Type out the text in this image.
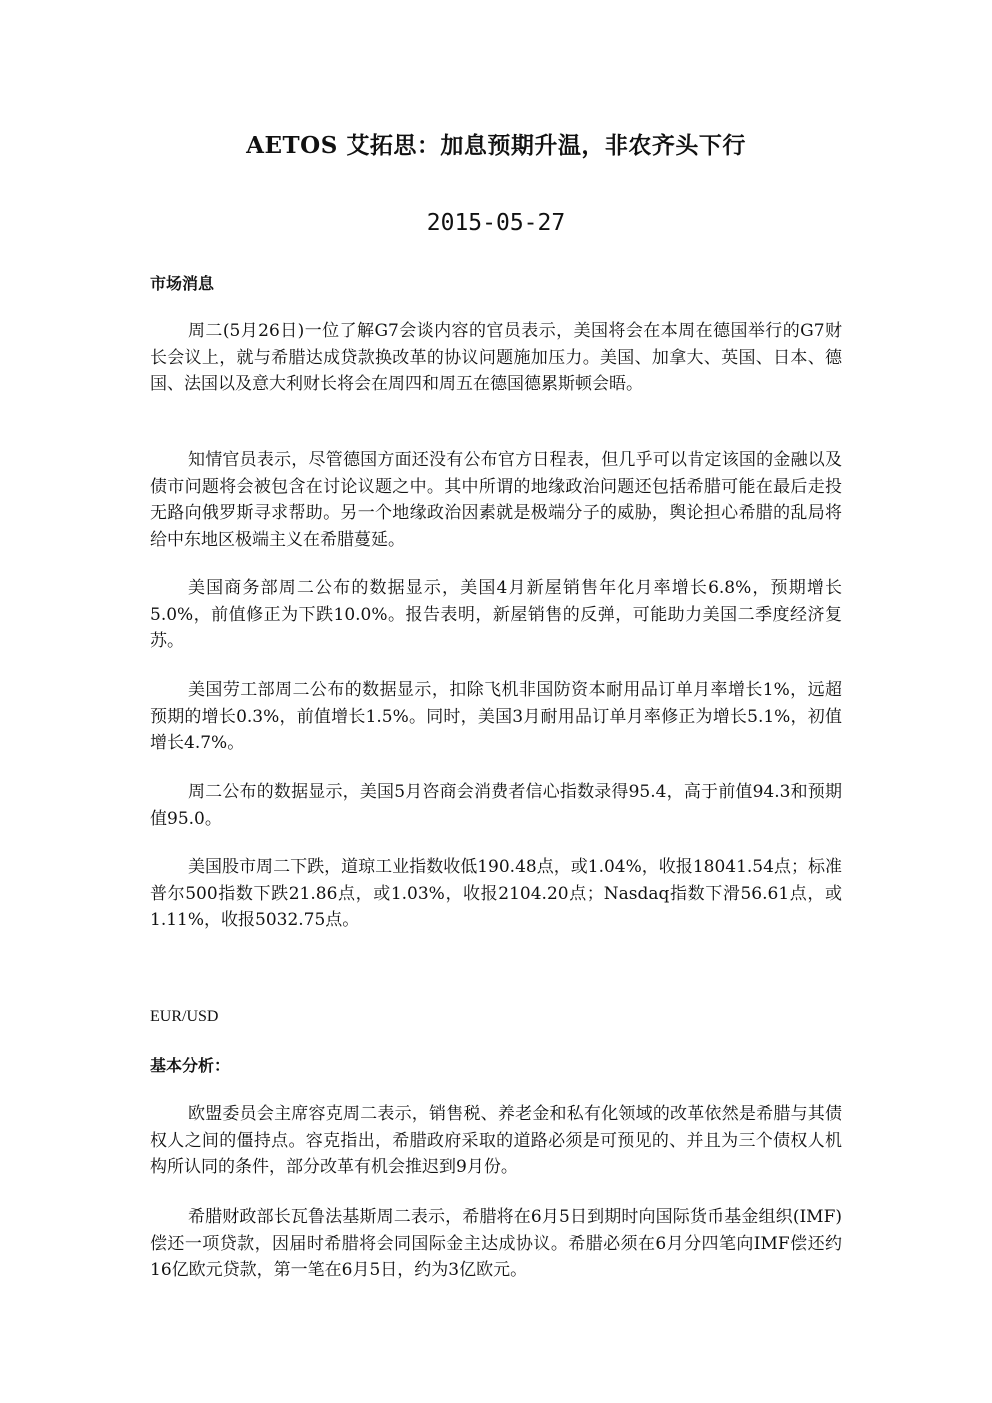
AETOS 艾拓思：加息预期升温，非农齐头下行
2015-05-27
市场消息

周二(5月26日)一位了解G7会谈内容的官员表示，美国将会在本周在德国举行的G7财长会议上，就与希腊达成贷款换改革的协议问题施加压力。美国、加拿大、英国、日本、德国、法国以及意大利财长将会在周四和周五在德国德累斯顿会晤。

知情官员表示，尽管德国方面还没有公布官方日程表，但几乎可以肯定该国的金融以及债市问题将会被包含在讨论议题之中。其中所谓的地缘政治问题还包括希腊可能在最后走投无路向俄罗斯寻求帮助。另一个地缘政治因素就是极端分子的威胁，舆论担心希腊的乱局将给中东地区极端主义在希腊蔓延。

美国商务部周二公布的数据显示，美国4月新屋销售年化月率增长6.8%，预期增长5.0%，前值修正为下跌10.0%。报告表明，新屋销售的反弹，可能助力美国二季度经济复苏。

美国劳工部周二公布的数据显示，扣除飞机非国防资本耐用品订单月率增长1%，远超预期的增长0.3%，前值增长1.5%。同时，美国3月耐用品订单月率修正为增长5.1%，初值增长4.7%。

周二公布的数据显示，美国5月咨商会消费者信心指数录得95.4，高于前值94.3和预期值95.0。

美国股市周二下跌，道琼工业指数收低190.48点，或1.04%，收报18041.54点；标准普尔500指数下跌21.86点，或1.03%，收报2104.20点；Nasdaq指数下滑56.61点，或1.11%，收报5032.75点。

EUR/USD
基本分析：

欧盟委员会主席容克周二表示，销售税、养老金和私有化领域的改革依然是希腊与其债权人之间的僵持点。容克指出，希腊政府采取的道路必须是可预见的、并且为三个债权人机构所认同的条件，部分改革有机会推迟到9月份。

希腊财政部长瓦鲁法基斯周二表示，希腊将在6月5日到期时向国际货币基金组织(IMF)偿还一项贷款，因届时希腊将会同国际金主达成协议。希腊必须在6月分四笔向IMF偿还约16亿欧元贷款，第一笔在6月5日，约为3亿欧元。
